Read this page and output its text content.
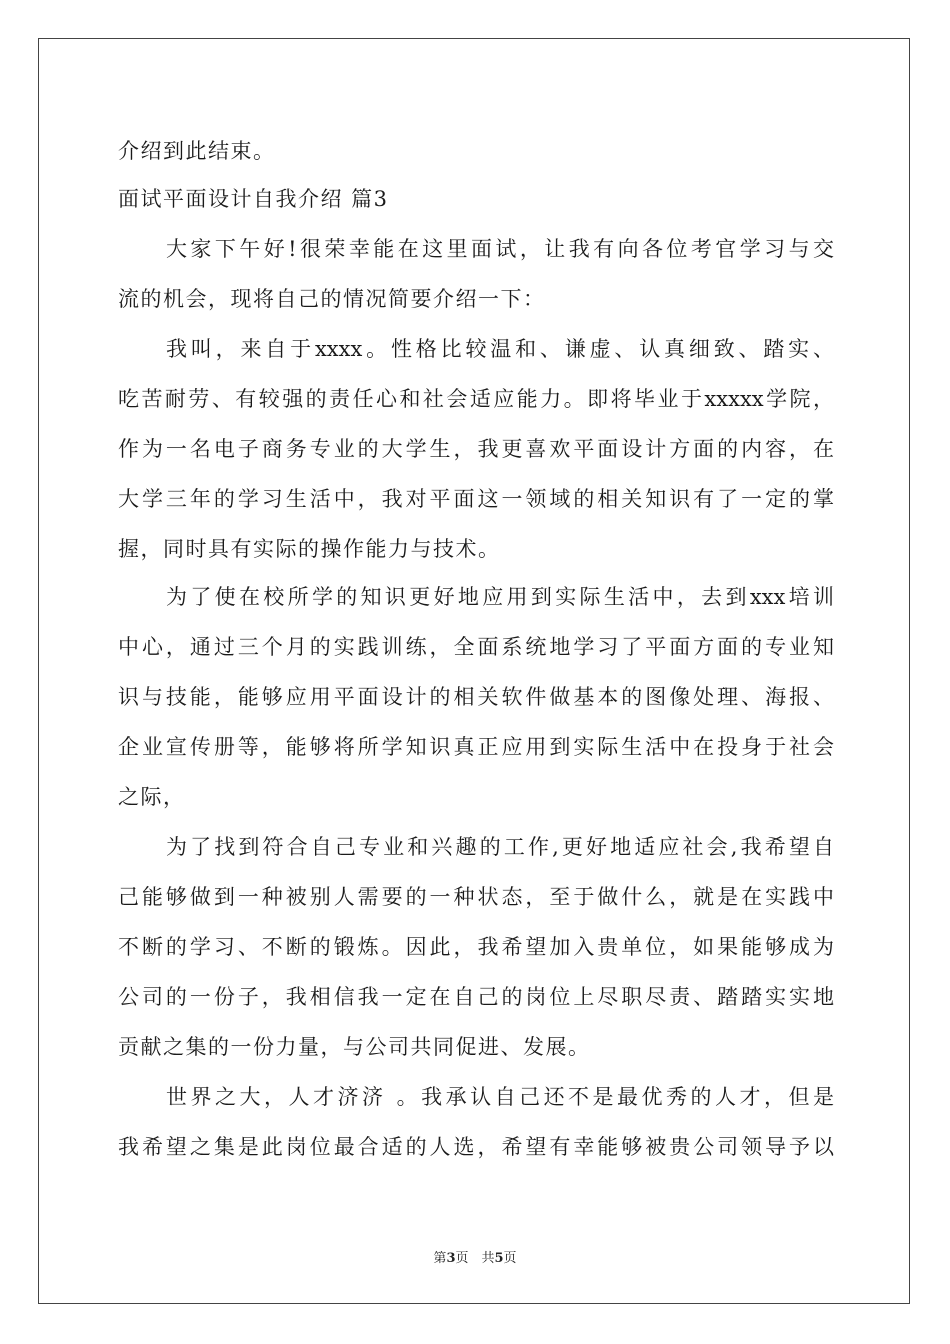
介绍到此结束。
面试平面设计自我介绍 篇3
大家下午好!很荣幸能在这里面试，让我有向各位考官学习与交
流的机会，现将自己的情况简要介绍一下：
我叫，来自于xxxx。性格比较温和、谦虚、认真细致、踏实、
吃苦耐劳、有较强的责任心和社会适应能力。即将毕业于xxxxx学院，
作为一名电子商务专业的大学生，我更喜欢平面设计方面的内容，在
大学三年的学习生活中，我对平面这一领域的相关知识有了一定的掌
握，同时具有实际的操作能力与技术。
为了使在校所学的知识更好地应用到实际生活中，去到xxx培训
中心，通过三个月的实践训练，全面系统地学习了平面方面的专业知
识与技能，能够应用平面设计的相关软件做基本的图像处理、海报、
企业宣传册等，能够将所学知识真正应用到实际生活中在投身于社会
之际，
为了找到符合自己专业和兴趣的工作,更好地适应社会,我希望自
己能够做到一种被别人需要的一种状态，至于做什么，就是在实践中
不断的学习、不断的锻炼。因此，我希望加入贵单位，如果能够成为
公司的一份子，我相信我一定在自己的岗位上尽职尽责、踏踏实实地
贡献之集的一份力量，与公司共同促进、发展。
世界之大，人才济济 。我承认自己还不是最优秀的人才，但是
我希望之集是此岗位最合适的人选，希望有幸能够被贵公司领导予以
第3页　共5页
